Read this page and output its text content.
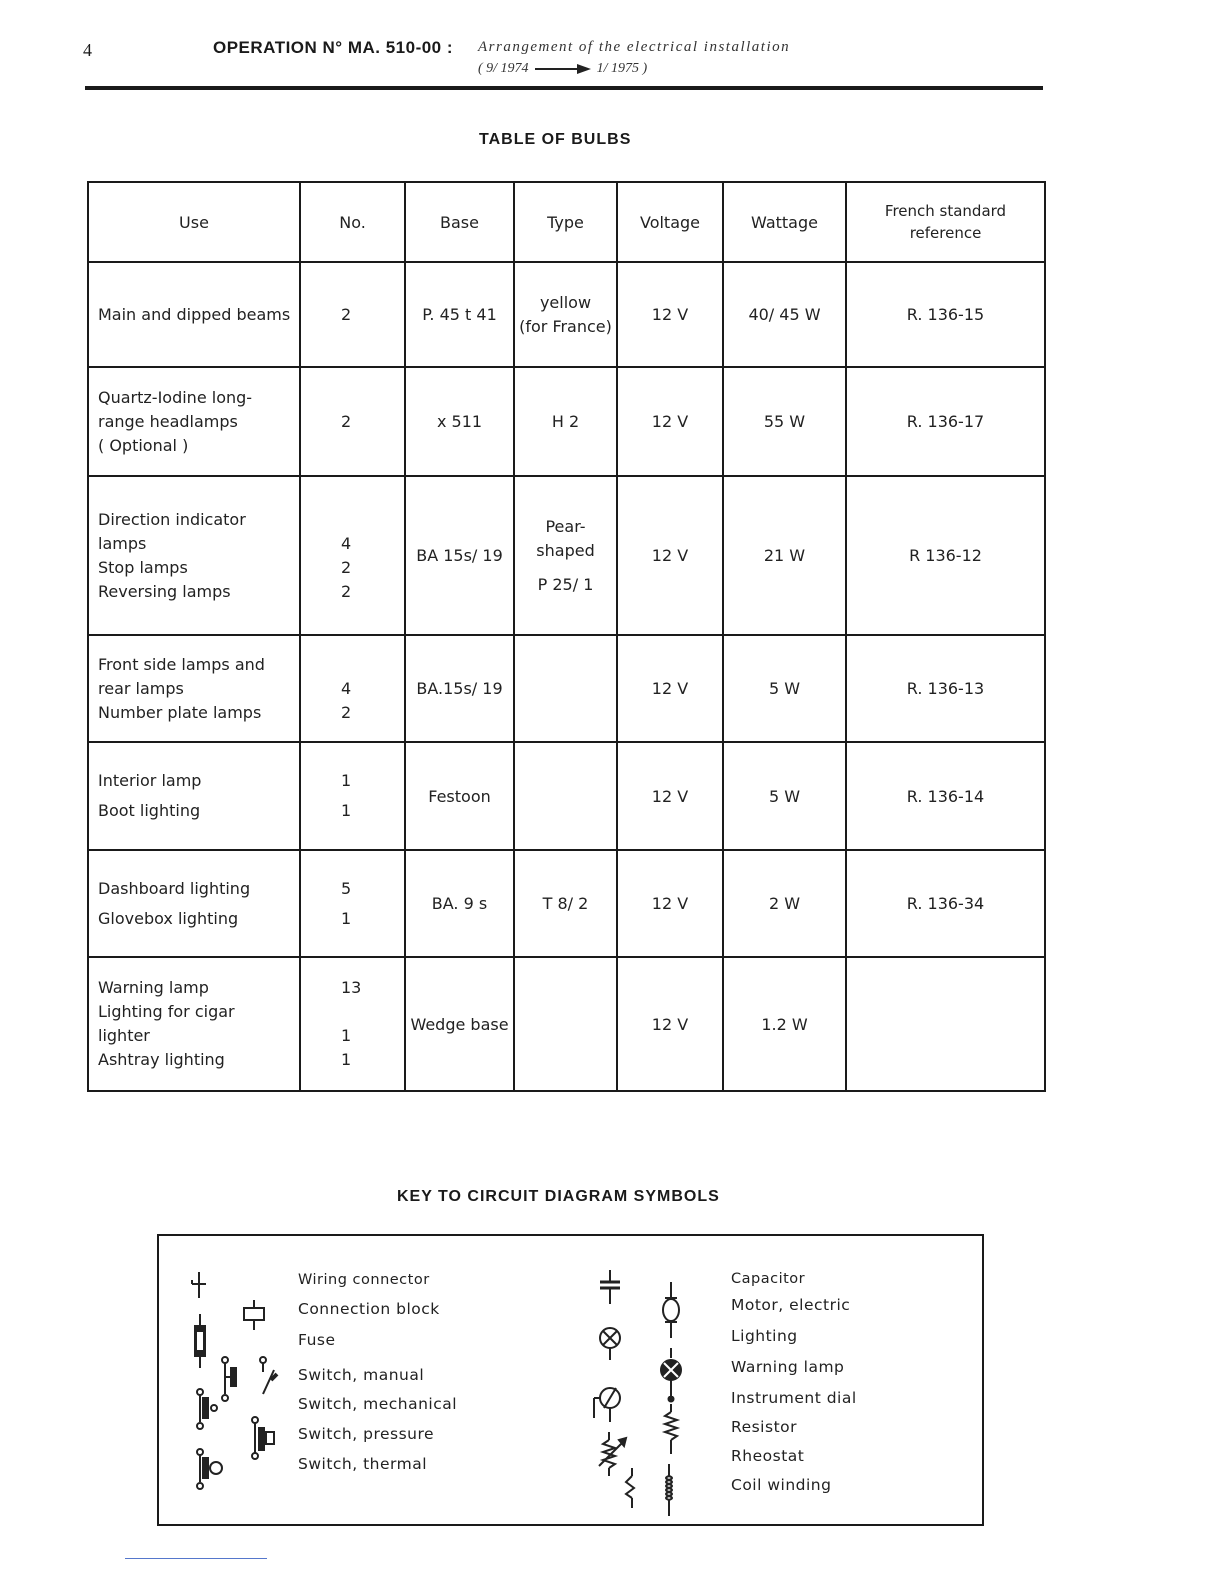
4	OPERATION N° MA. 510-00 : Arrangement of the electrical installation
( 9/ 1974	1/ 1975 )
TABLE OF BULBS
Use	No.	Base	Type	Voltage	Wattage	French standard
reference

Main and dipped beams	2	P. 45 t 41	yellow
(for France)	12 V	40/ 45 W	R. 136-15

Quartz-Iodine long-
range headlamps
( Optional )	2	x 511	H 2	12 V	55 W	R. 136-17

Direction indicator
lamps
Stop lamps
Reversing lamps	4
2
2	BA 15s/ 19	Pear-shaped
P 25/ 1	12 V	21 W	R 136-12

Front side lamps and
rear lamps
Number plate lamps	4
2	BA.15s/ 19		12 V	5 W	R. 136-13

Interior lamp
Boot lighting	1
1	Festoon		12 V	5 W	R. 136-14

Dashboard lighting
Glovebox lighting	5
1	BA. 9 s	T 8/ 2	12 V	2 W	R. 136-34

Warning lamp
Lighting for cigar
lighter
Ashtray lighting	13
1
1	Wedge base		12 V	1.2 W	
KEY TO CIRCUIT DIAGRAM SYMBOLS
Wiring connector
Connection block
Fuse
Switch, manual
Switch, mechanical
Switch, pressure
Switch, thermal
Capacitor
Motor, electric
Lighting
Warning lamp
Instrument dial
Resistor
Rheostat
Coil winding
